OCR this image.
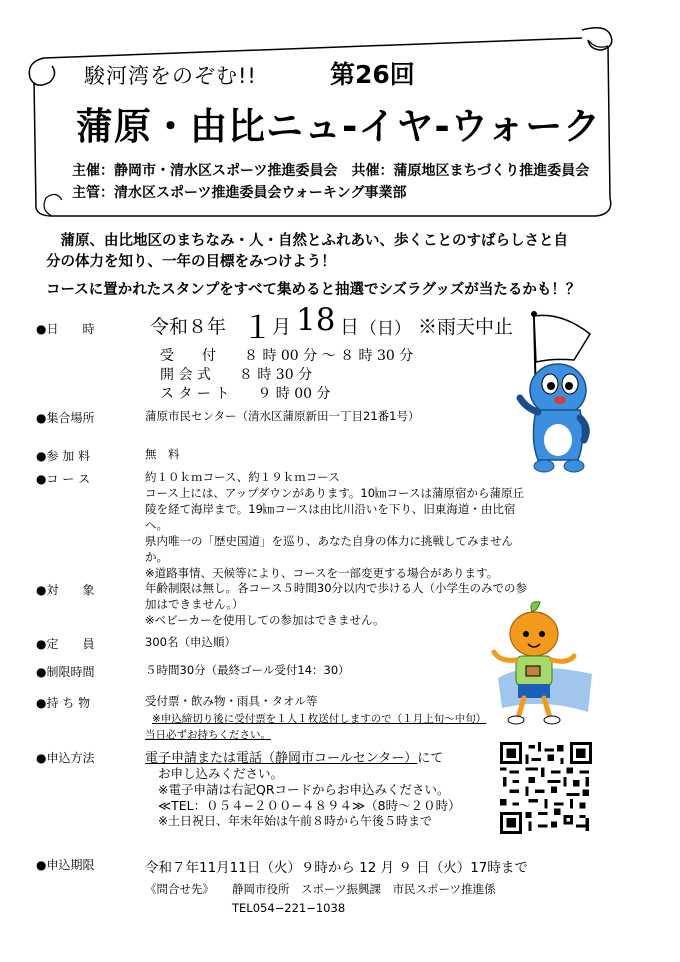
駿河湾をのぞむ!!	第26回
蒲原・由比ニュ-イヤ-ウォーク
主催：静岡市・清水区スポーツ推進委員会　共催：蒲原地区まちづくり推進委員会
主管：清水区スポーツ推進委員会ウォーキング事業部
　蒲原、由比地区のまちなみ・人・自然とふれあい、歩くことのすばらしさと自
分の体力を知り、一年の目標をみつけよう！
コースに置かれたスタンプをすべて集めると抽選でシズラグッズが当たるかも！？
●日　　時	令和８年 １ 月 18 日 （日） ※雨天中止
受　　付　　８ 時 00 分 〜 ８ 時 30 分
開 会 式　　８ 時 30 分
ス タ ー ト　　９ 時 00 分
●集合場所	蒲原市民センター（清水区蒲原新田一丁目21番1号）
●参 加 料	無　料
●コ ー ス	約１０ｋｍコース、約１９ｋｍコース
コース上には、アップダウンがあります。10㎞コースは蒲原宿から蒲原丘
陵を経て海岸まで。19㎞コースは由比川沿いを下り、旧東海道・由比宿
へ。
県内唯一の「歴史国道」を巡り、あなた自身の体力に挑戦してみません
か。
※道路事情、天候等により、コースを一部変更する場合があります。
●対　　象	年齢制限は無し。各コース５時間30分以内で歩ける人（小学生のみでの参
加はできません。）
※ベビーカーを使用しての参加はできません。
●定　　員	300名（申込順）
●制限時間	５時間30分（最終ゴール受付14：30）
●持 ち 物	受付票・飲み物・雨具・タオル等
※申込締切り後に受付票を１人１枚送付しますので（１月上旬〜中旬）
当日必ずお持ちください。
●申込方法	電子申請または電話（静岡市コールセンター）にて
お申し込みください。
※電子申請は右記QRコードからお申込みください。
≪TEL：０５４−２００−４８９４≫（8時〜２０時）
※土日祝日、年末年始は午前８時から午後５時まで
●申込期限	令和７年11月11日（火）９時から 12 月 ９ 日（火）17時まで
《問合せ先》 静岡市役所　スポーツ振興課　市民スポーツ推進係
TEL054−221−1038
